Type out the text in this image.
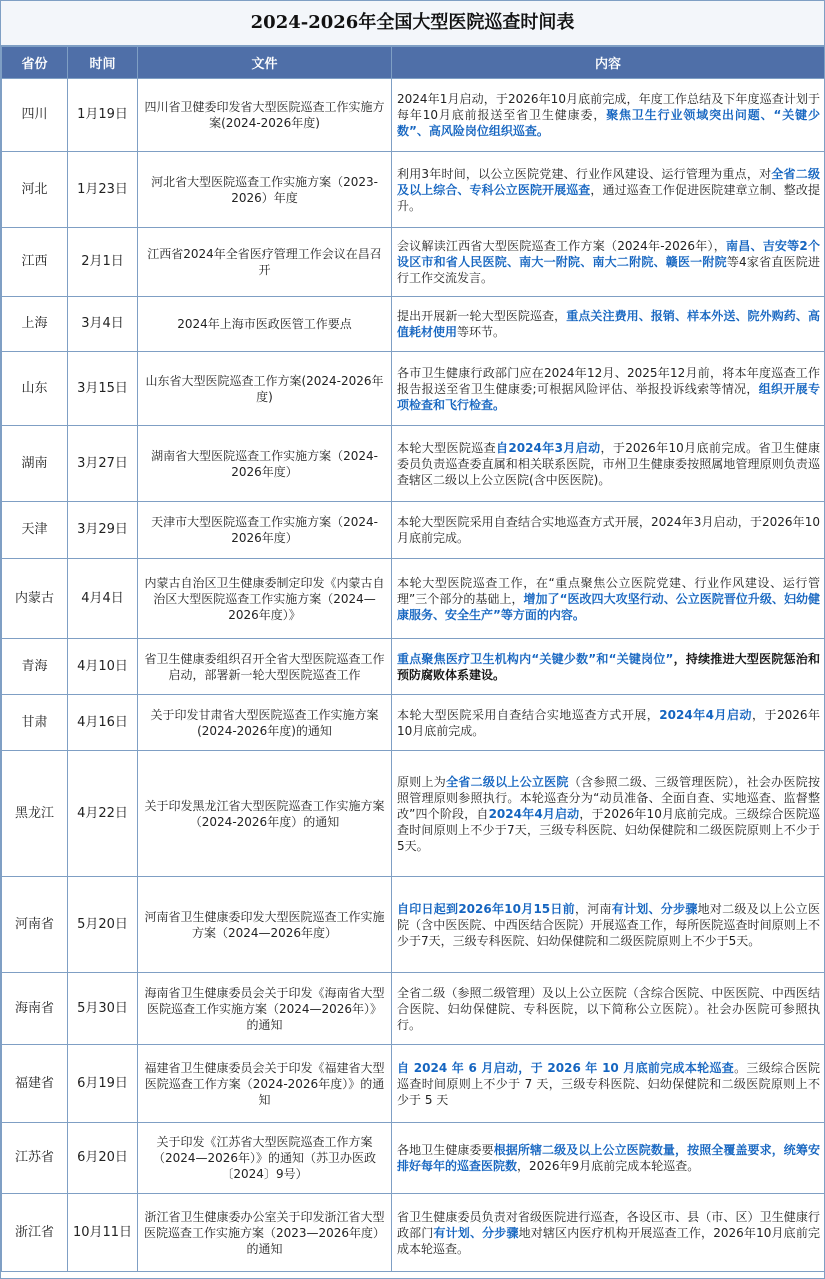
2024-2026年全国大型医院巡查时间表
省份	时间	文件	内容
四川	1月19日	四川省卫健委印发省大型医院巡查工作实施方案(2024-2026年度)	2024年1月启动，于2026年10月底前完成，年度工作总结及下年度巡查计划于每年10月底前报送至省卫生健康委，聚焦卫生行业领域突出问题、“关键少数”、高风险岗位组织巡查。
河北	1月23日	河北省大型医院巡查工作实施方案（2023-2026）年度	利用3年时间，以公立医院党建、行业作风建设、运行管理为重点，对全省二级及以上综合、专科公立医院开展巡查，通过巡查工作促进医院建章立制、整改提升。
江西	2月1日	江西省2024年全省医疗管理工作会议在昌召开	会议解读江西省大型医院巡查工作方案（2024年-2026年），南昌、吉安等2个设区市和省人民医院、南大一附院、南大二附院、赣医一附院等4家省直医院进行工作交流发言。
上海	3月4日	2024年上海市医政医管工作要点	提出开展新一轮大型医院巡查，重点关注费用、报销、样本外送、院外购药、高值耗材使用等环节。
山东	3月15日	山东省大型医院巡查工作方案(2024-2026年度)	各市卫生健康行政部门应在2024年12月、2025年12月前，将本年度巡查工作报告报送至省卫生健康委;可根据风险评估、举报投诉线索等情况，组织开展专项检查和飞行检查。
湖南	3月27日	湖南省大型医院巡查工作实施方案（2024-2026年度）	本轮大型医院巡查自2024年3月启动，于2026年10月底前完成。省卫生健康委员负责巡查委直属和相关联系医院，市州卫生健康委按照属地管理原则负责巡查辖区二级以上公立医院(含中医医院)。
天津	3月29日	天津市大型医院巡查工作实施方案（2024-2026年度）	本轮大型医院采用自查结合实地巡查方式开展，2024年3月启动，于2026年10月底前完成。
内蒙古	4月4日	内蒙古自治区卫生健康委制定印发《内蒙古自治区大型医院巡查工作实施方案（2024—2026年度）》	本轮大型医院巡查工作，在“重点聚焦公立医院党建、行业作风建设、运行管理”三个部分的基础上，增加了“医改四大攻坚行动、公立医院晋位升级、妇幼健康服务、安全生产”等方面的内容。
青海	4月10日	省卫生健康委组织召开全省大型医院巡查工作启动，部署新一轮大型医院巡查工作	重点聚焦医疗卫生机构内“关键少数”和“关键岗位”，持续推进大型医院惩治和预防腐败体系建设。
甘肃	4月16日	关于印发甘肃省大型医院巡查工作实施方案(2024-2026年度)的通知	本轮大型医院采用自查结合实地巡查方式开展，2024年4月启动，于2026年10月底前完成。
黑龙江	4月22日	关于印发黑龙江省大型医院巡查工作实施方案（2024-2026年度）的通知	原则上为全省二级以上公立医院（含参照二级、三级管理医院），社会办医院按照管理原则参照执行。本轮巡查分为“动员准备、全面自查、实地巡查、监督整改”四个阶段，自2024年4月启动，于2026年10月底前完成。三级综合医院巡查时间原则上不少于7天，三级专科医院、妇幼保健院和二级医院原则上不少于5天。
河南省	5月20日	河南省卫生健康委印发大型医院巡查工作实施方案（2024—2026年度）	自印日起到2026年10月15日前，河南有计划、分步骤地对二级及以上公立医院（含中医医院、中西医结合医院）开展巡查工作，每所医院巡查时间原则上不少于7天，三级专科医院、妇幼保健院和二级医院原则上不少于5天。
海南省	5月30日	海南省卫生健康委员会关于印发《海南省大型医院巡查工作实施方案（2024—2026年）》的通知	全省二级（参照二级管理）及以上公立医院（含综合医院、中医医院、中西医结合医院、妇幼保健院、专科医院，以下简称公立医院）。社会办医院可参照执行。
福建省	6月19日	福建省卫生健康委员会关于印发《福建省大型医院巡查工作方案（2024-2026年度）》的通知	自 2024 年 6 月启动，于 2026 年 10 月底前完成本轮巡查。三级综合医院巡查时间原则上不少于 7 天，三级专科医院、妇幼保健院和二级医院原则上不少于 5 天
江苏省	6月20日	关于印发《江苏省大型医院巡查工作方案（2024—2026年）》的通知（苏卫办医政〔2024〕9号）	各地卫生健康委要根据所辖二级及以上公立医院数量，按照全覆盖要求，统筹安排好每年的巡查医院数，2026年9月底前完成本轮巡查。
浙江省	10月11日	浙江省卫生健康委办公室关于印发浙江省大型医院巡查工作实施方案（2023—2026年度）的通知	省卫生健康委员负责对省级医院进行巡查，各设区市、县（市、区）卫生健康行政部门有计划、分步骤地对辖区内医疗机构开展巡查工作，2026年10月底前完成本轮巡查。
